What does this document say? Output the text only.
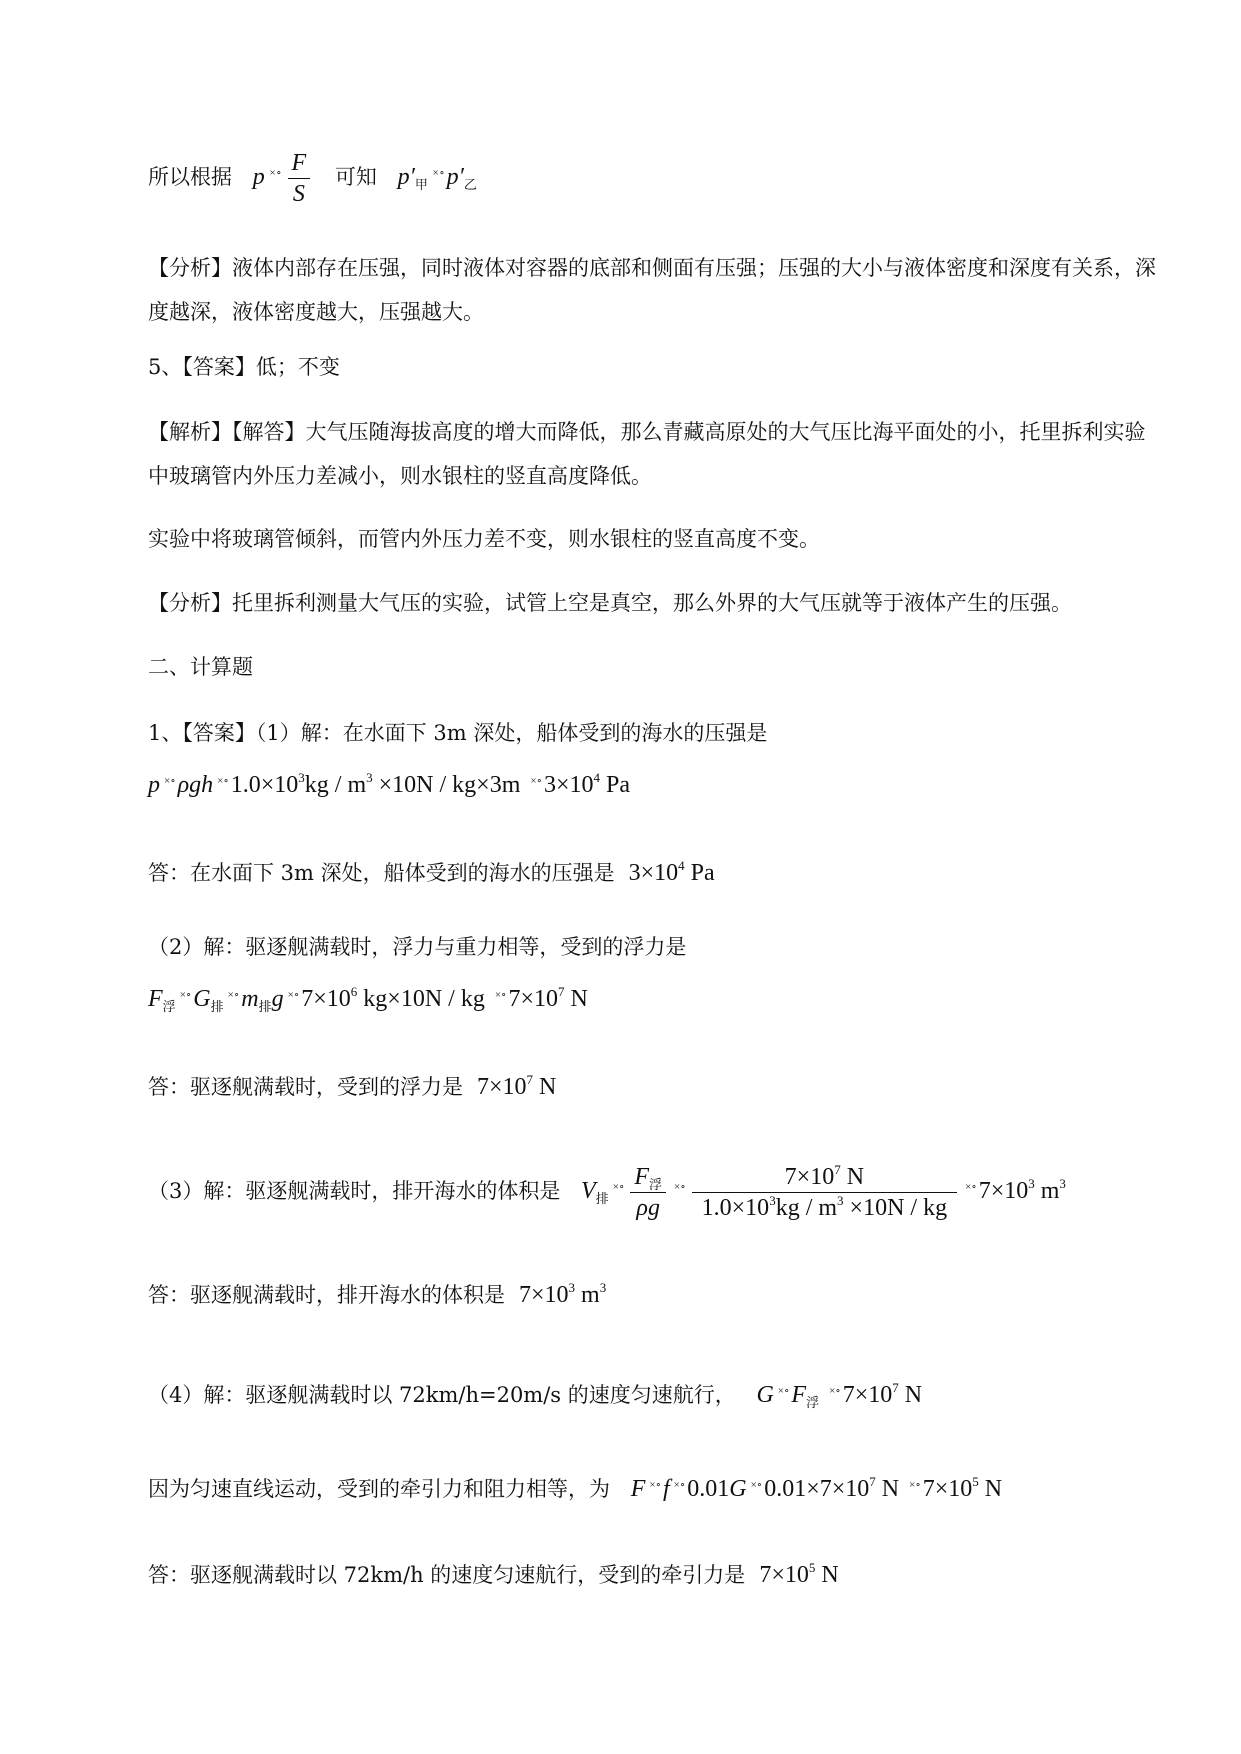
所以根据 p $^{\times\circ} \frac{F}{S}$ 可知 $p'_甲^{\times\circ}p'_乙$
【分析】液体内部存在压强，同时液体对容器的底部和侧面有压强；压强的大小与液体密度和深度有关系，深度越深，液体密度越大，压强越大。
5、【答案】低；不变
【解析】【解答】大气压随海拔高度的增大而降低，那么青藏高原处的大气压比海平面处的小，托里拆利实验中玻璃管内外压力差减小，则水银柱的竖直高度降低。
实验中将玻璃管倾斜，而管内外压力差不变，则水银柱的竖直高度不变。
【分析】托里拆利测量大气压的实验，试管上空是真空，那么外界的大气压就等于液体产生的压强。
二、计算题
1、【答案】（1）解：在水面下 3m 深处，船体受到的海水的压强是
p ×∘ρgh $^{\times\circ}1.0\times 10^3kg / m^3 \times 10N / kg\times 3m$ $^{\times\circ}3\times 10^4$ Pa
答：在水面下 3m 深处，船体受到的海水的压强是 $3\times 10^4$ Pa
（2）解：驱逐舰满载时，浮力与重力相等，受到的浮力是
$F_浮^{\times\circ}G_排^{\times\circ}m_排g$ $^{\times\circ}7\times 10^6$ kg×10N / kg $^{\times\circ}7\times 10^7$ N
答：驱逐舰满载时，受到的浮力是 $7\times 10^7$ N
（3）解：驱逐舰满载时，排开海水的体积是 $V_排^{\times\circ} \frac{F_浮}{\rho g} ^{\times\circ} \frac{7\times 10^7 N}{1.0\times 10^3kg / m^3 \times 10N / kg} ^{\times\circ}7\times 10^3$ $m^3$
答：驱逐舰满载时，排开海水的体积是 $7\times 10^3$ $m^3$
（4）解：驱逐舰满载时以 72km/h=20m/s 的速度匀速航行， G $^{\times\circ}F_浮$ $^{\times\circ}7\times 10^7$ N
因为匀速直线运动，受到的牵引力和阻力相等，为 F ×∘f ×∘0.01G $^{\times\circ}0.01\times 7\times 10^7$ N $^{\times\circ}7\times 10^5$ N
答：驱逐舰满载时以 72km/h 的速度匀速航行，受到的牵引力是 $7\times 10^5$ N
